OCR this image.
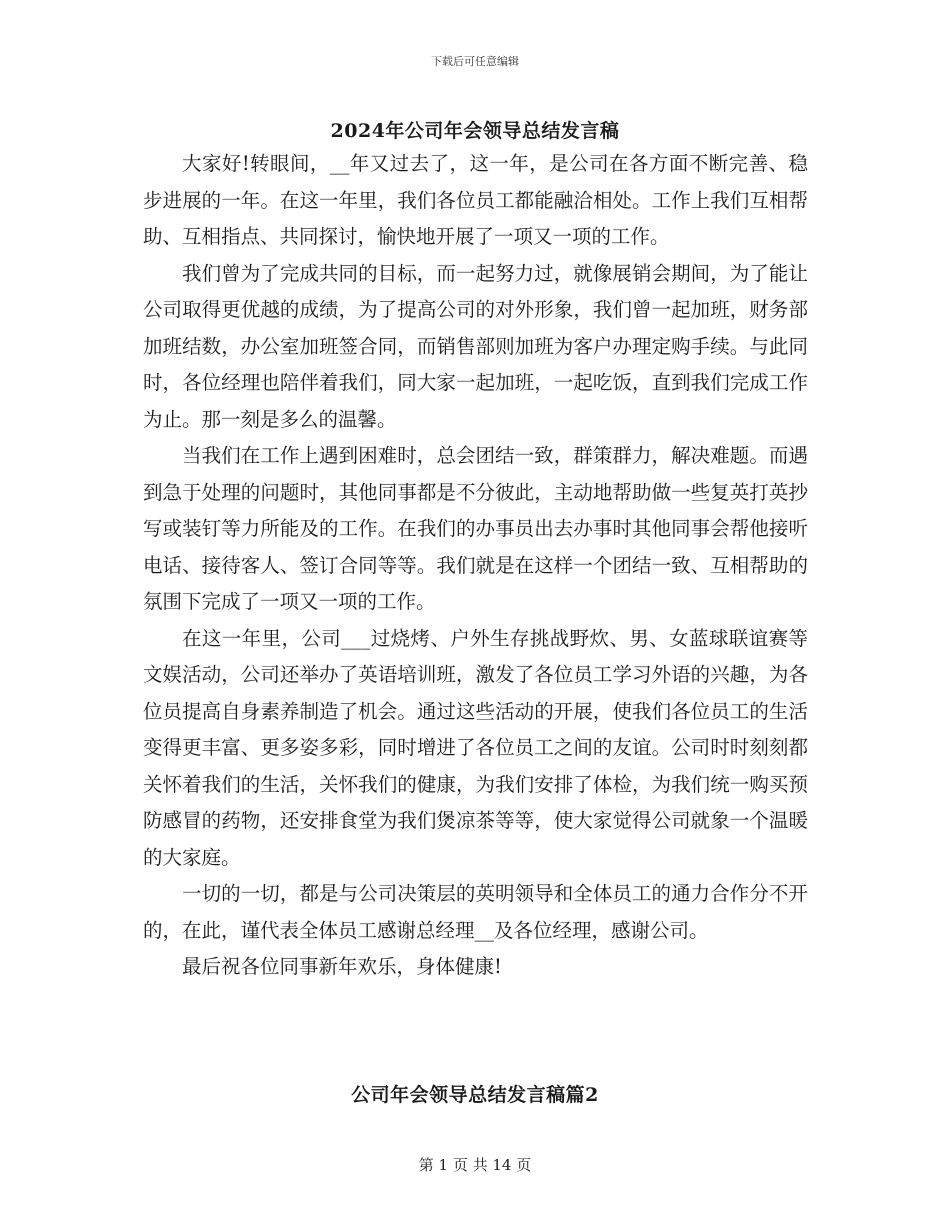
下载后可任意编辑
2024年公司年会领导总结发言稿

大家好!转眼间，__年又过去了，这一年，是公司在各方面不断完善、稳步进展的一年。在这一年里，我们各位员工都能融洽相处。工作上我们互相帮助、互相指点、共同探讨，愉快地开展了一项又一项的工作。

我们曾为了完成共同的目标，而一起努力过，就像展销会期间，为了能让公司取得更优越的成绩，为了提高公司的对外形象，我们曾一起加班，财务部加班结数，办公室加班签合同，而销售部则加班为客户办理定购手续。与此同时，各位经理也陪伴着我们，同大家一起加班，一起吃饭，直到我们完成工作为止。那一刻是多么的温馨。

当我们在工作上遇到困难时，总会团结一致，群策群力，解决难题。而遇到急于处理的问题时，其他同事都是不分彼此，主动地帮助做一些复英打英抄写或装钉等力所能及的工作。在我们的办事员出去办事时其他同事会帮他接听电话、接待客人、签订合同等等。我们就是在这样一个团结一致、互相帮助的氛围下完成了一项又一项的工作。

在这一年里，公司___过烧烤、户外生存挑战野炊、男、女蓝球联谊赛等文娱活动，公司还举办了英语培训班，激发了各位员工学习外语的兴趣，为各位员提高自身素养制造了机会。通过这些活动的开展，使我们各位员工的生活变得更丰富、更多姿多彩，同时增进了各位员工之间的友谊。公司时时刻刻都关怀着我们的生活，关怀我们的健康，为我们安排了体检，为我们统一购买预防感冒的药物，还安排食堂为我们煲凉茶等等，使大家觉得公司就象一个温暖的大家庭。

一切的一切，都是与公司决策层的英明领导和全体员工的通力合作分不开的，在此，谨代表全体员工感谢总经理__及各位经理，感谢公司。

最后祝各位同事新年欢乐，身体健康!

公司年会领导总结发言稿篇2
第 1 页 共 14 页
